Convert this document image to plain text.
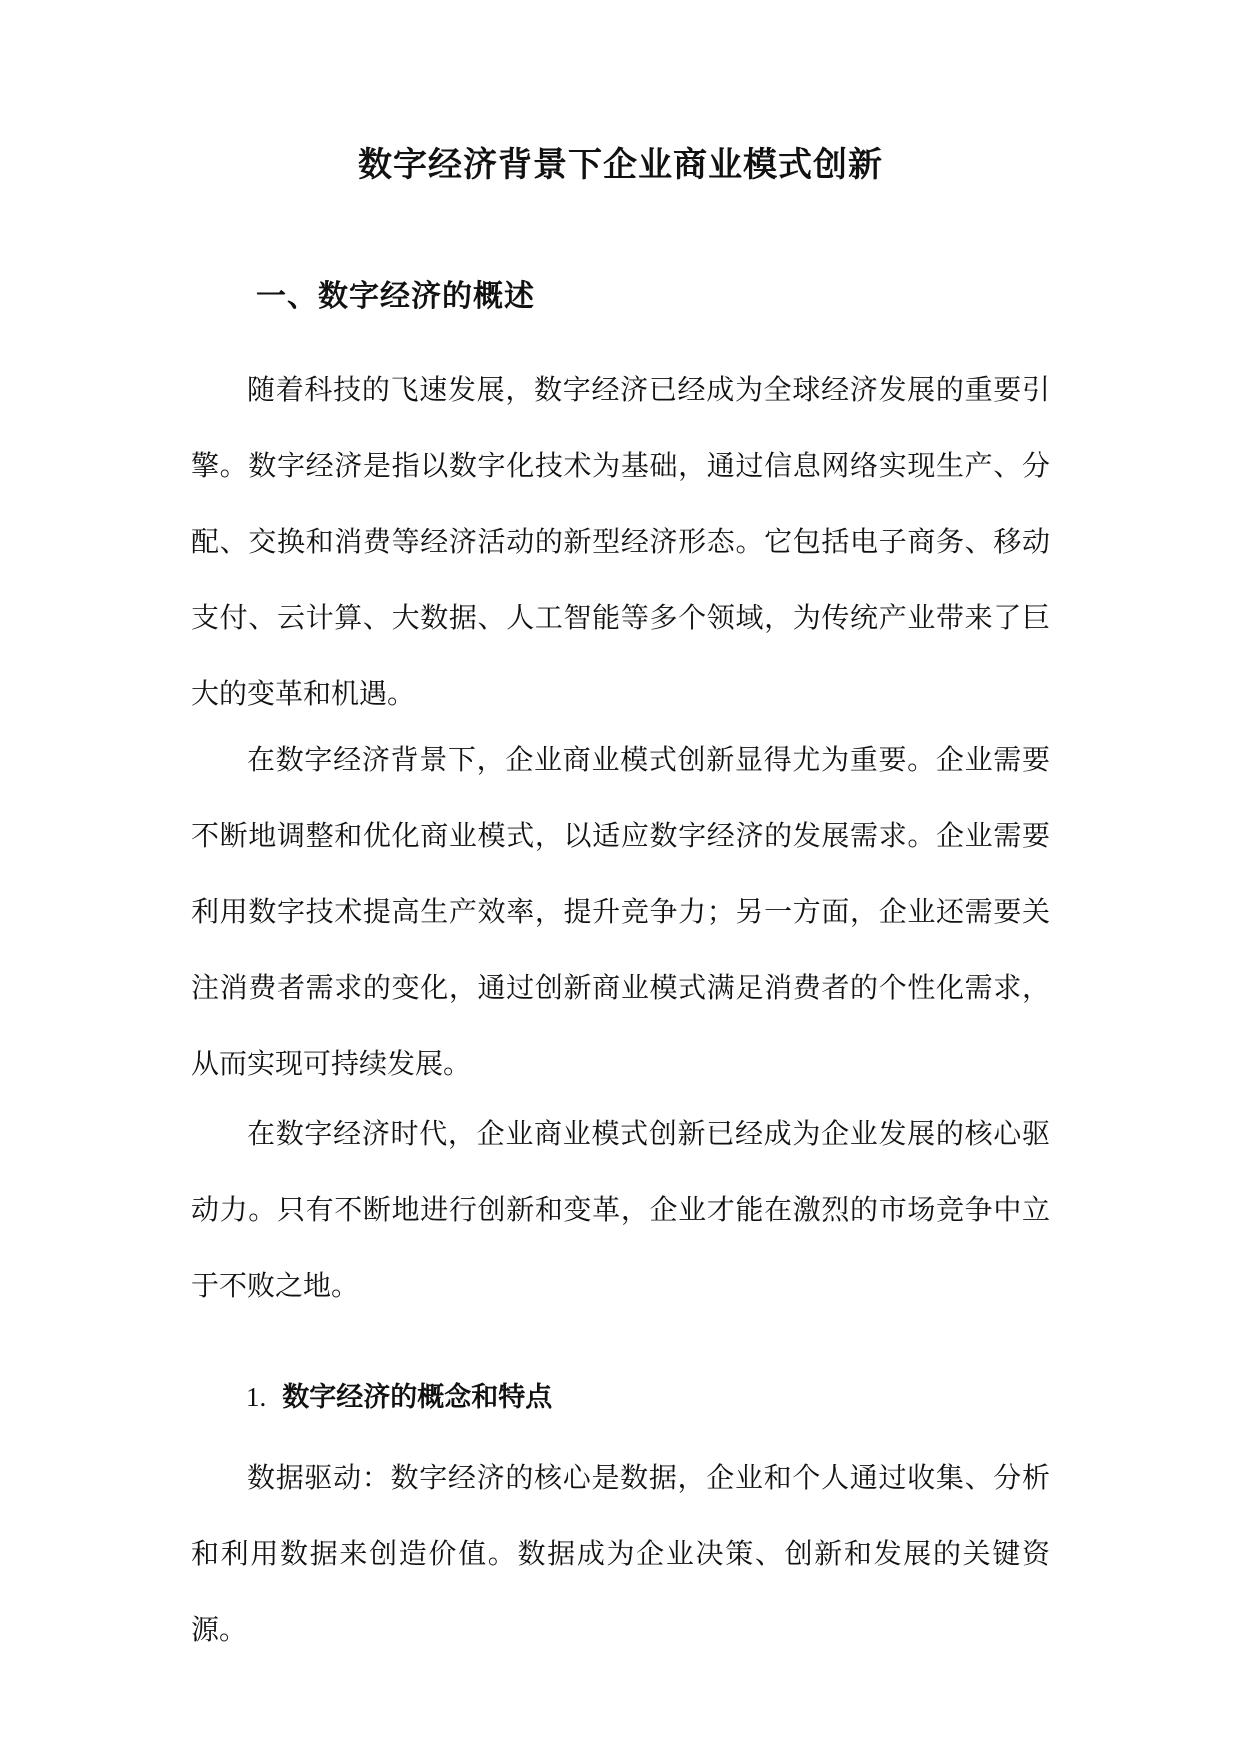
数字经济背景下企业商业模式创新
一、数字经济的概述

随着科技的飞速发展，数字经济已经成为全球经济发展的重要引擎。数字经济是指以数字化技术为基础，通过信息网络实现生产、分配、交换和消费等经济活动的新型经济形态。它包括电子商务、移动支付、云计算、大数据、人工智能等多个领域，为传统产业带来了巨大的变革和机遇。

在数字经济背景下，企业商业模式创新显得尤为重要。企业需要不断地调整和优化商业模式，以适应数字经济的发展需求。企业需要利用数字技术提高生产效率，提升竞争力；另一方面，企业还需要关注消费者需求的变化，通过创新商业模式满足消费者的个性化需求，从而实现可持续发展。

在数字经济时代，企业商业模式创新已经成为企业发展的核心驱动力。只有不断地进行创新和变革，企业才能在激烈的市场竞争中立于不败之地。

1. 数字经济的概念和特点

数据驱动：数字经济的核心是数据，企业和个人通过收集、分析和利用数据来创造价值。数据成为企业决策、创新和发展的关键资源。
